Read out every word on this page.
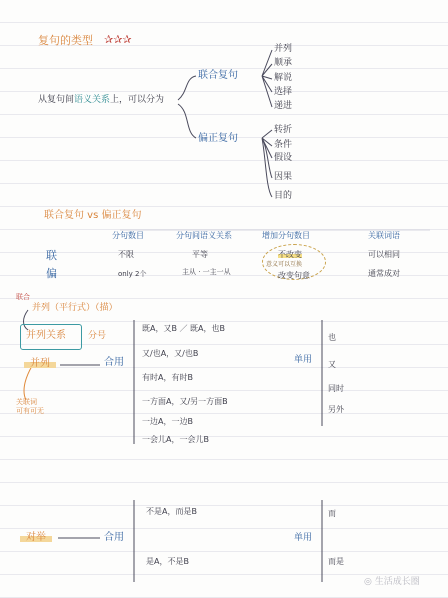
复句的类型 ✰✰✰
从复句间语义关系上，可以分为
联合复句
并列
顺承
解说
选择
递进
偏正复句
转折
条件
假设
因果
目的
联合复句 vs 偏正复句
分句数目	分句间语义关系	增加分句数目	关联词语
联	不限	平等	不改变	可以相同
意义可以互换
偏	only 2个	主从 · 一主一从	改变句意	通常成对
联合
并列（平行式）（描）
并列关系 分号
并列	合用
关联词
可有可无
既A，又B ／ 既A，也B
又/也A，又/也B
有时A，有时B
一方面A，又/另一方面B
一边A，一边B
一会儿A，一会儿B
单用
也
又
同时
另外
对举	合用
不是A，而是B
是A，不是B
单用
而
而是
◎ 生活成长圈
